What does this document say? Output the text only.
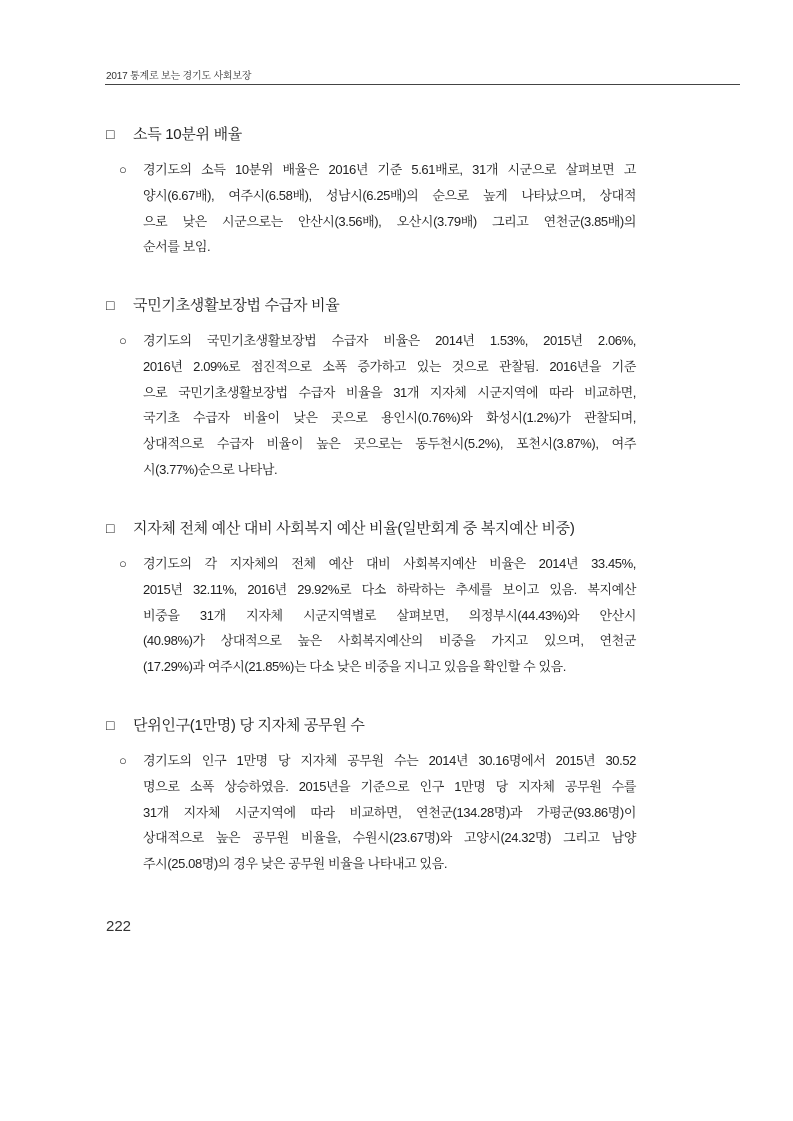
2017 통계로 보는 경기도 사회보장
□ 소득 10분위 배율
○	경기도의 소득 10분위 배율은 2016년 기준 5.61배로, 31개 시군으로 살펴보면 고
양시(6.67배), 여주시(6.58배), 성남시(6.25배)의 순으로 높게 나타났으며, 상대적
으로 낮은 시군으로는 안산시(3.56배), 오산시(3.79배) 그리고 연천군(3.85배)의
순서를 보임.
□ 국민기초생활보장법 수급자 비율
○	경기도의 국민기초생활보장법 수급자 비율은 2014년 1.53%, 2015년 2.06%,
2016년 2.09%로 점진적으로 소폭 증가하고 있는 것으로 관찰됨. 2016년을 기준
으로 국민기초생활보장법 수급자 비율을 31개 지자체 시군지역에 따라 비교하면,
국기초 수급자 비율이 낮은 곳으로 용인시(0.76%)와 화성시(1.2%)가 관찰되며,
상대적으로 수급자 비율이 높은 곳으로는 동두천시(5.2%), 포천시(3.87%), 여주
시(3.77%)순으로 나타남.
□ 지자체 전체 예산 대비 사회복지 예산 비율(일반회계 중 복지예산 비중)
○	경기도의 각 지자체의 전체 예산 대비 사회복지예산 비율은 2014년 33.45%,
2015년 32.11%, 2016년 29.92%로 다소 하락하는 추세를 보이고 있음. 복지예산
비중을 31개 지자체 시군지역별로 살펴보면, 의정부시(44.43%)와 안산시
(40.98%)가 상대적으로 높은 사회복지예산의 비중을 가지고 있으며, 연천군
(17.29%)과 여주시(21.85%)는 다소 낮은 비중을 지니고 있음을 확인할 수 있음.
□ 단위인구(1만명) 당 지자체 공무원 수
○	경기도의 인구 1만명 당 지자체 공무원 수는 2014년 30.16명에서 2015년 30.52
명으로 소폭 상승하였음. 2015년을 기준으로 인구 1만명 당 지자체 공무원 수를
31개 지자체 시군지역에 따라 비교하면, 연천군(134.28명)과 가평군(93.86명)이
상대적으로 높은 공무원 비율을, 수원시(23.67명)와 고양시(24.32명) 그리고 남양
주시(25.08명)의 경우 낮은 공무원 비율을 나타내고 있음.
222
